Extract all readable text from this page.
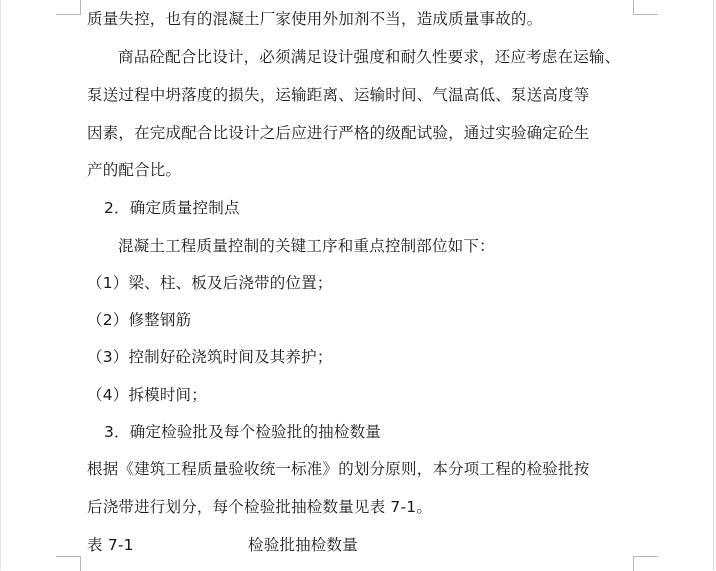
质量失控，也有的混凝土厂家使用外加剂不当，造成质量事故的。
商品砼配合比设计，必须满足设计强度和耐久性要求，还应考虑在运输、
泵送过程中坍落度的损失，运输距离、运输时间、气温高低、泵送高度等
因素，在完成配合比设计之后应进行严格的级配试验，通过实验确定砼生
产的配合比。
2．确定质量控制点
混凝土工程质量控制的关键工序和重点控制部位如下：
（1）梁、柱、板及后浇带的位置；
（2）修整钢筋
（3）控制好砼浇筑时间及其养护；
（4）拆模时间；
3．确定检验批及每个检验批的抽检数量
根据《建筑工程质量验收统一标准》的划分原则，本分项工程的检验批按
后浇带进行划分，每个检验批抽检数量见表 7-1。
表 7-1	检验批抽检数量
